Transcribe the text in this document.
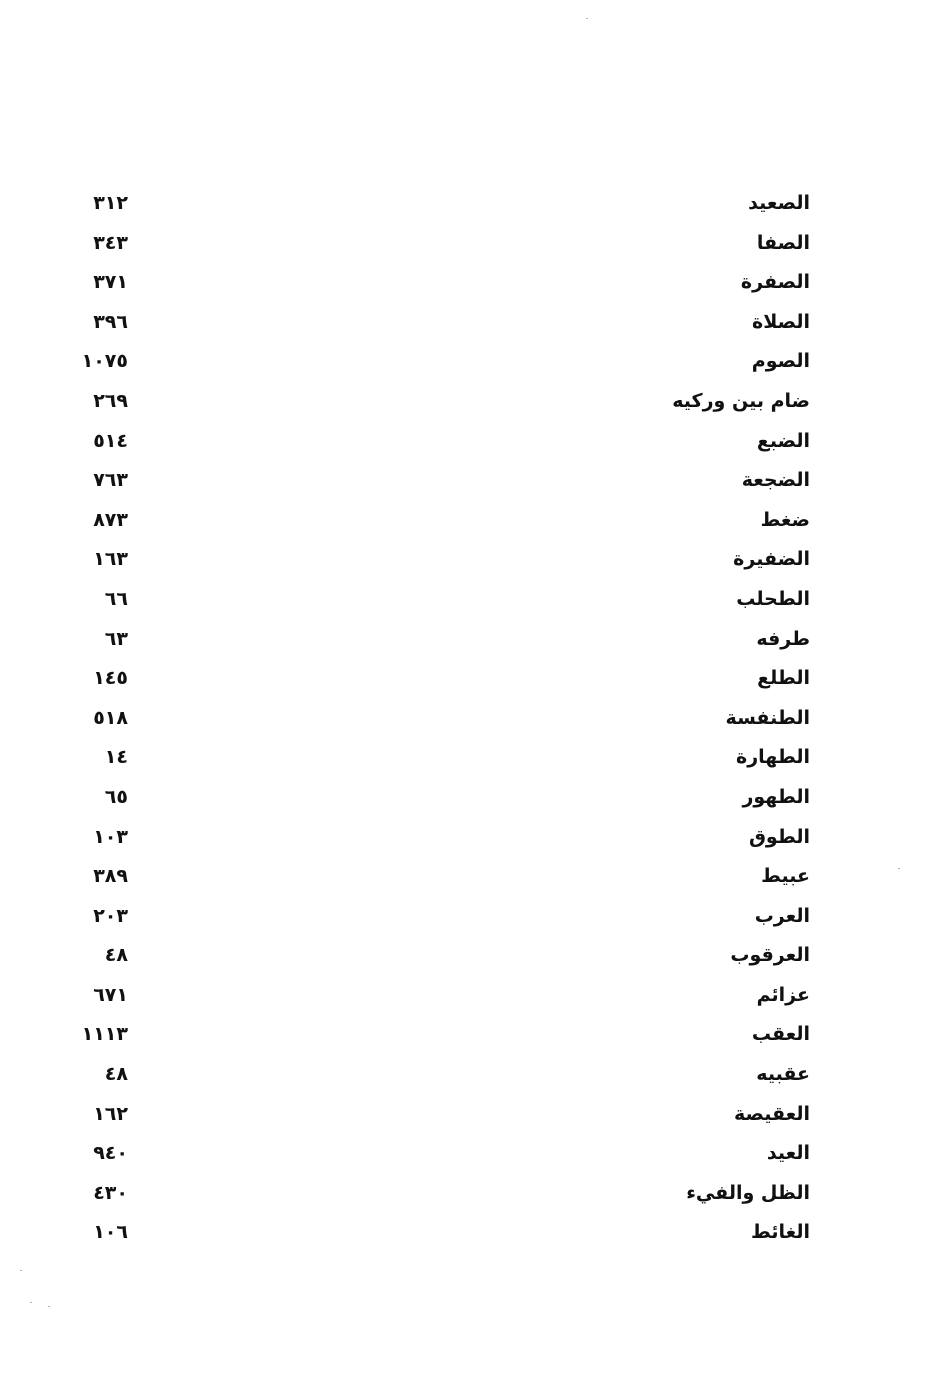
الصعيد
٣١٢
الصفا
٣٤٣
الصفرة
٣٧١
الصلاة
٣٩٦
الصوم
١٠٧٥
ضام بين وركيه
٢٦٩
الضبع
٥١٤
الضجعة
٧٦٣
ضغط
٨٧٣
الضفيرة
١٦٣
الطحلب
٦٦
طرفه
٦٣
الطلع
١٤٥
الطنفسة
٥١٨
الطهارة
١٤
الطهور
٦٥
الطوق
١٠٣
عبيط
٣٨٩
العرب
٢٠٣
العرقوب
٤٨
عزائم
٦٧١
العقب
١١١٣
عقبيه
٤٨
العقيصة
١٦٢
العيد
٩٤٠
الظل والفيء
٤٣٠
الغائط
١٠٦
